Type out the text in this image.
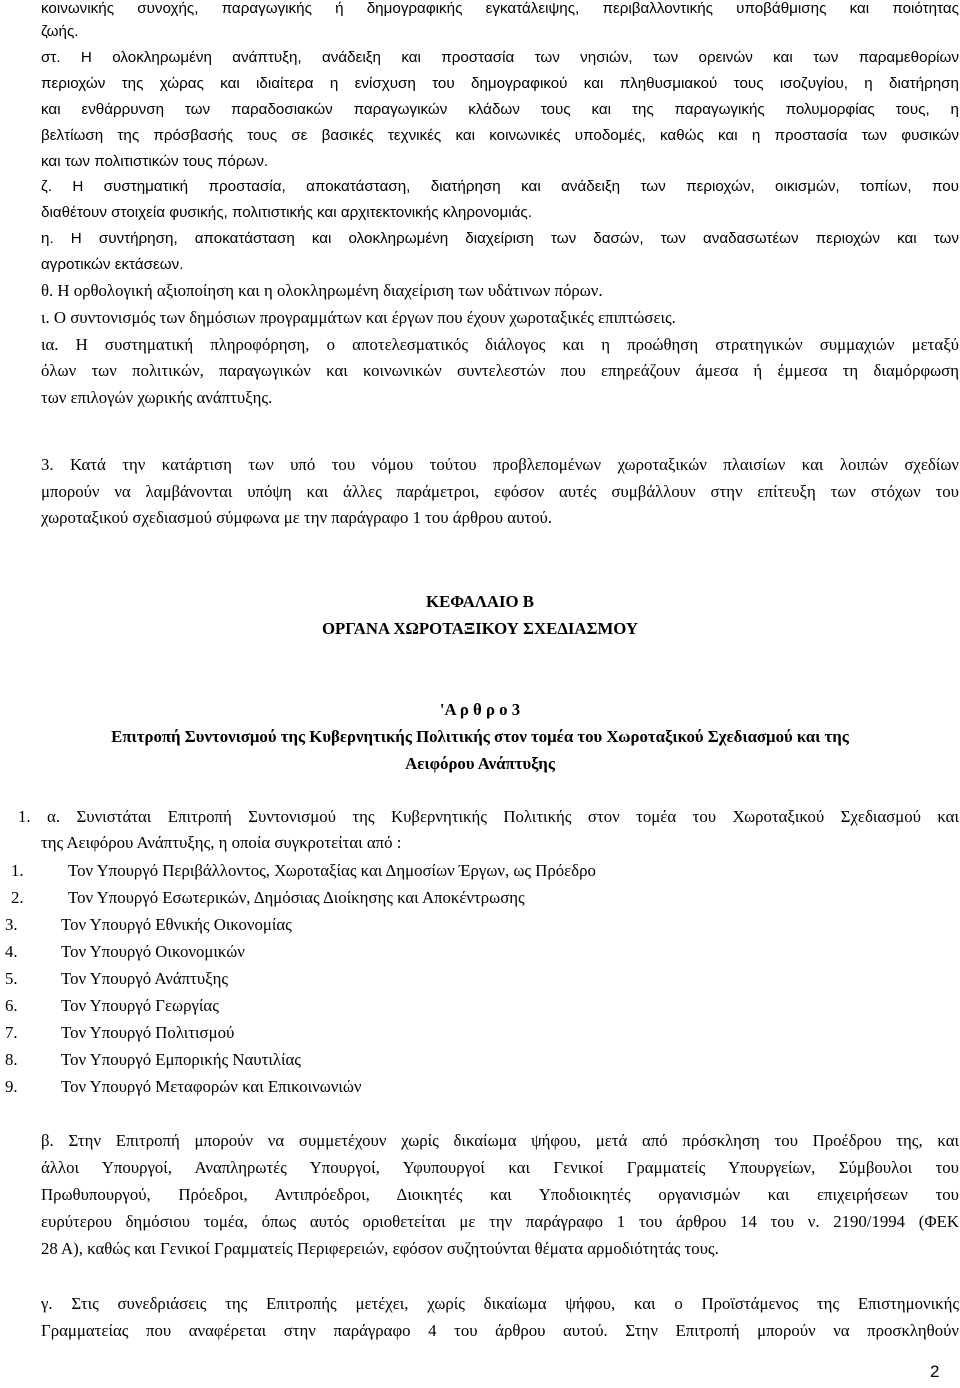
κοινωνικής συνοχής, παραγωγικής ή δημογραφικής εγκατάλειψης, περιβαλλοντικής υποβάθμισης και ποιότητας
ζωής.
στ. Η ολοκληρωμένη ανάπτυξη, ανάδειξη και προστασία των νησιών, των ορεινών και των παραμεθορίων
περιοχών της χώρας και ιδιαίτερα η ενίσχυση του δημογραφικού και πληθυσμιακού τους ισοζυγίου, η διατήρηση
και ενθάρρυνση των παραδοσιακών παραγωγικών κλάδων τους και της παραγωγικής πολυμορφίας τους, η
βελτίωση της πρόσβασής τους σε βασικές τεχνικές και κοινωνικές υποδομές, καθώς και η προστασία των φυσικών
και των πολιτιστικών τους πόρων.
ζ. Η συστηματική προστασία, αποκατάσταση, διατήρηση και ανάδειξη των περιοχών, οικισμών, τοπίων, που
διαθέτουν στοιχεία φυσικής, πολιτιστικής και αρχιτεκτονικής κληρονομιάς.
η. Η συντήρηση, αποκατάσταση και ολοκληρωμένη διαχείριση των δασών, των αναδασωτέων περιοχών και των
αγροτικών εκτάσεων.
θ. Η ορθολογική αξιοποίηση και η ολοκληρωμένη διαχείριση των υδάτινων πόρων.
ι. Ο συντονισμός των δημόσιων προγραμμάτων και έργων που έχουν χωροταξικές επιπτώσεις.
ια. Η συστηματική πληροφόρηση, ο αποτελεσματικός διάλογος και η προώθηση στρατηγικών συμμαχιών μεταξύ
όλων των πολιτικών, παραγωγικών και κοινωνικών συντελεστών που επηρεάζουν άμεσα ή έμμεσα τη διαμόρφωση
των επιλογών χωρικής ανάπτυξης.
3. Κατά την κατάρτιση των υπό του νόμου τούτου προβλεπομένων χωροταξικών πλαισίων και λοιπών σχεδίων
μπορούν να λαμβάνονται υπόψη και άλλες παράμετροι, εφόσον αυτές συμβάλλουν στην επίτευξη των στόχων του
χωροταξικού σχεδιασμού σύμφωνα με την παράγραφο 1 του άρθρου αυτού.
ΚΕΦΑΛΑΙΟ Β
ΟΡΓΑΝΑ ΧΩΡΟΤΑΞΙΚΟΥ ΣΧΕΔΙΑΣΜΟΥ
'Α ρ θ ρ ο 3
Επιτροπή Συντονισμού της Κυβερνητικής Πολιτικής στον τομέα του Χωροταξικού Σχεδιασμού και της
Αειφόρου Ανάπτυξης
1. α. Συνιστάται Επιτροπή Συντονισμού της Κυβερνητικής Πολιτικής στον τομέα του Χωροταξικού Σχεδιασμού και
της Αειφόρου Ανάπτυξης, η οποία συγκροτείται από :
1.	Τον Υπουργό Περιβάλλοντος, Χωροταξίας και Δημοσίων Έργων, ως Πρόεδρο
2.	Τον Υπουργό Εσωτερικών, Δημόσιας Διοίκησης και Αποκέντρωσης
3.	Τον Υπουργό Εθνικής Οικονομίας
4.	Τον Υπουργό Οικονομικών
5.	Τον Υπουργό Ανάπτυξης
6.	Τον Υπουργό Γεωργίας
7.	Τον Υπουργό Πολιτισμού
8.	Τον Υπουργό Εμπορικής Ναυτιλίας
9.	Τον Υπουργό Μεταφορών και Επικοινωνιών
β. Στην Επιτροπή μπορούν να συμμετέχουν χωρίς δικαίωμα ψήφου, μετά από πρόσκληση του Προέδρου της, και
άλλοι Υπουργοί, Αναπληρωτές Υπουργοί, Υφυπουργοί και Γενικοί Γραμματείς Υπουργείων, Σύμβουλοι του
Πρωθυπουργού, Πρόεδροι, Αντιπρόεδροι, Διοικητές και Υποδιοικητές οργανισμών και επιχειρήσεων του
ευρύτερου δημόσιου τομέα, όπως αυτός οριοθετείται με την παράγραφο 1 του άρθρου 14 του ν. 2190/1994 (ΦΕΚ
28 Α), καθώς και Γενικοί Γραμματείς Περιφερειών, εφόσον συζητούνται θέματα αρμοδιότητάς τους.
γ. Στις συνεδριάσεις της Επιτροπής μετέχει, χωρίς δικαίωμα ψήφου, και ο Προϊστάμενος της Επιστημονικής
Γραμματείας που αναφέρεται στην παράγραφο 4 του άρθρου αυτού. Στην Επιτροπή μπορούν να προσκληθούν
2
